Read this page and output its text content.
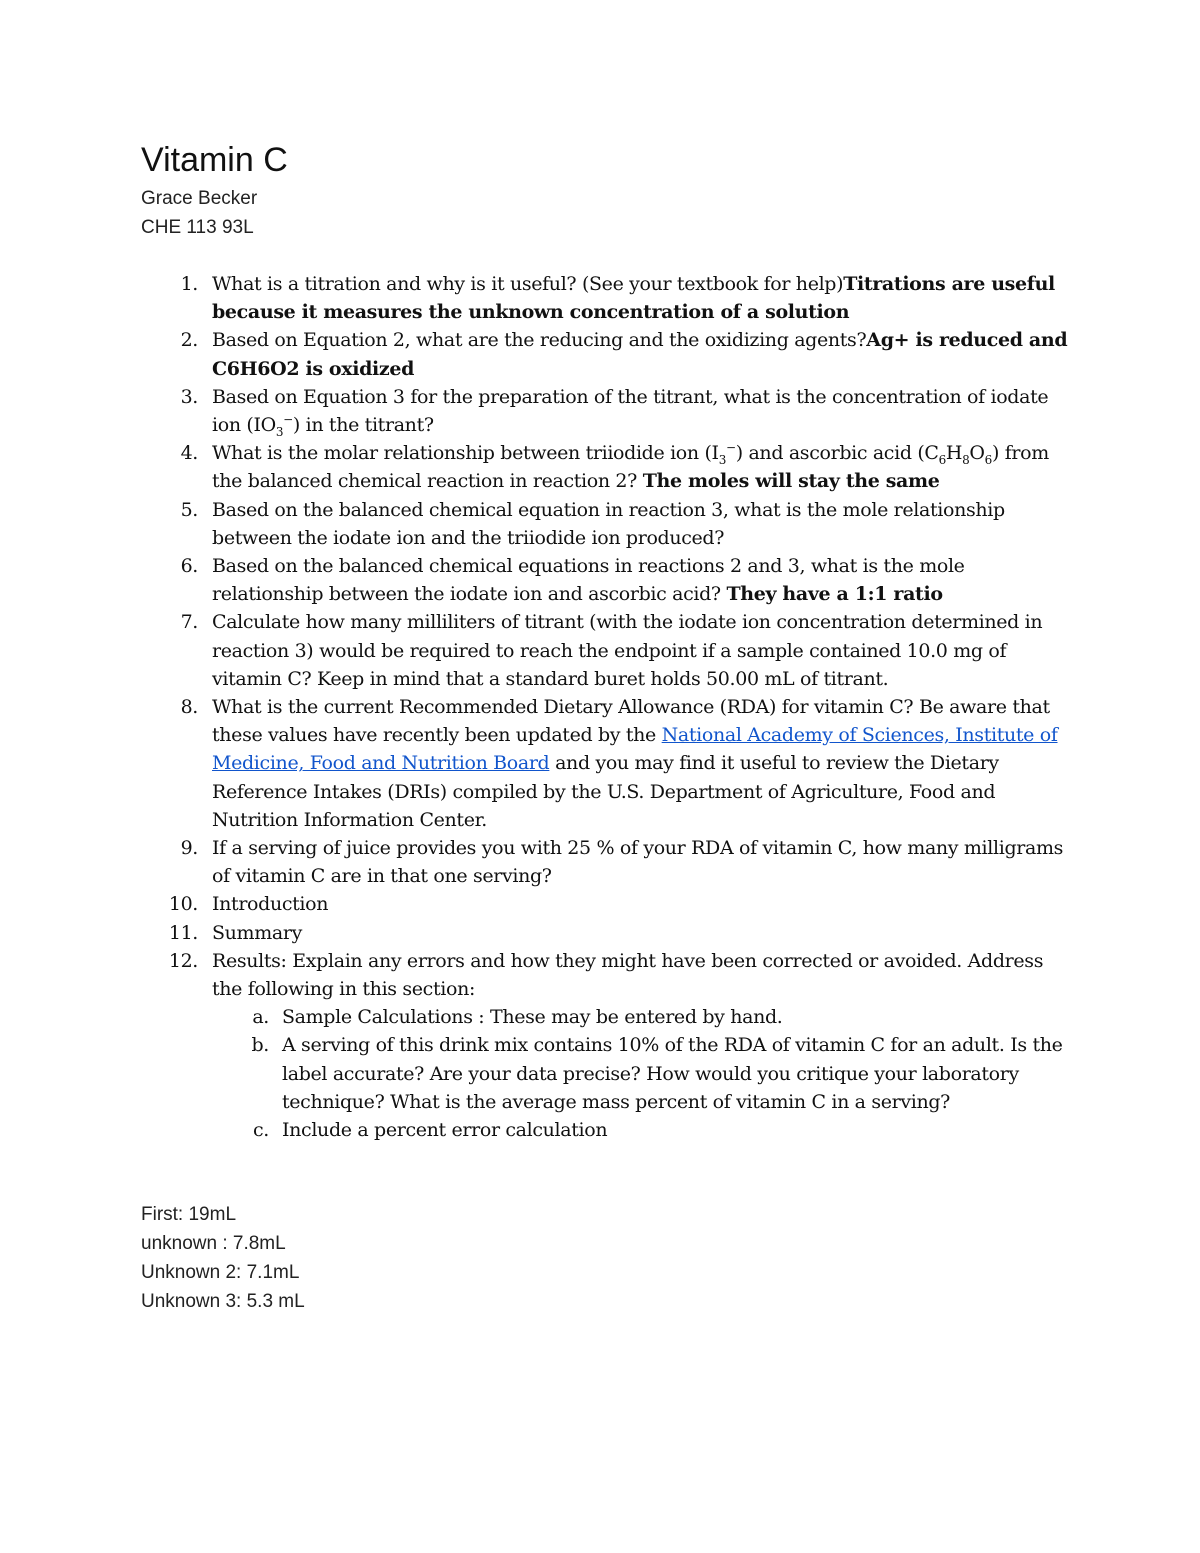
Vitamin C
Grace Becker
CHE 113 93L
1. What is a titration and why is it useful? (See your textbook for help)Titrations are useful because it measures the unknown concentration of a solution
2. Based on Equation 2, what are the reducing and the oxidizing agents?Ag+ is reduced and C6H6O2 is oxidized
3. Based on Equation 3 for the preparation of the titrant, what is the concentration of iodate ion $(IO_3^-)$ in the titrant?
4. What is the molar relationship between triiodide ion $(I_3^-)$ and ascorbic acid $(C_6H_8O_6)$ from the balanced chemical reaction in reaction 2? The moles will stay the same
5. Based on the balanced chemical equation in reaction 3, what is the mole relationship between the iodate ion and the triiodide ion produced?
6. Based on the balanced chemical equations in reactions 2 and 3, what is the mole relationship between the iodate ion and ascorbic acid? They have a 1:1 ratio
7. Calculate how many milliliters of titrant (with the iodate ion concentration determined in reaction 3) would be required to reach the endpoint if a sample contained 10.0 mg of vitamin C? Keep in mind that a standard buret holds 50.00 mL of titrant.
8. What is the current Recommended Dietary Allowance (RDA) for vitamin C? Be aware that these values have recently been updated by the National Academy of Sciences, Institute of Medicine, Food and Nutrition Board and you may find it useful to review the Dietary Reference Intakes (DRIs) compiled by the U.S. Department of Agriculture, Food and Nutrition Information Center.
9. If a serving of juice provides you with 25 % of your RDA of vitamin C, how many milligrams of vitamin C are in that one serving?
10. Introduction
11. Summary
12. Results: Explain any errors and how they might have been corrected or avoided. Address the following in this section:
a. Sample Calculations : These may be entered by hand.
b. A serving of this drink mix contains 10% of the RDA of vitamin C for an adult. Is the label accurate? Are your data precise? How would you critique your laboratory technique? What is the average mass percent of vitamin C in a serving?
c. Include a percent error calculation
First: 19mL
unknown : 7.8mL
Unknown 2: 7.1mL
Unknown 3: 5.3 mL
